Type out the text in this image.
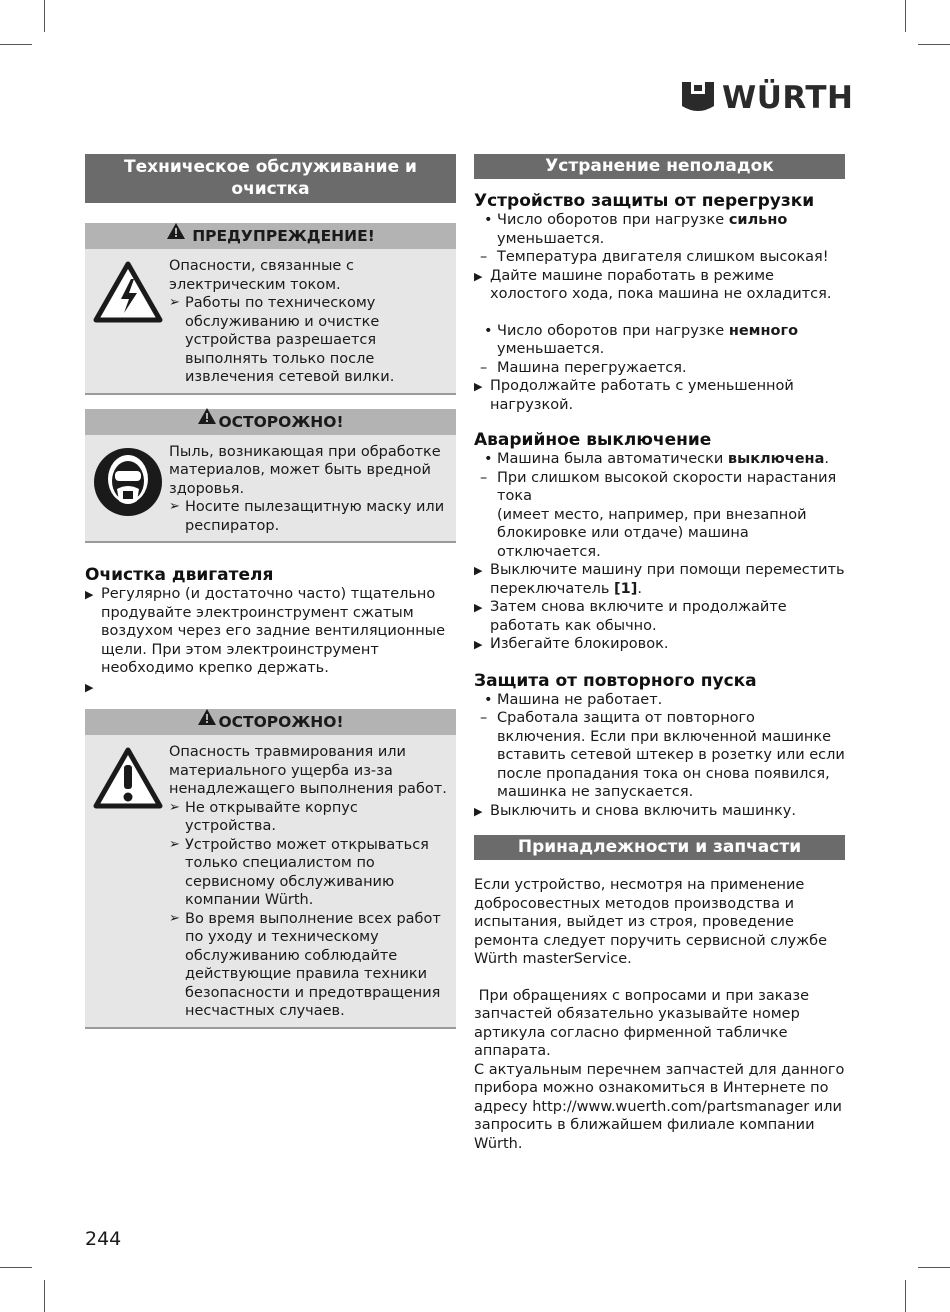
WÜRTH
Техническое обслуживание и очистка
ПРЕДУПРЕЖДЕНИЕ!
Опасности, связанные с электрическим током.
➢ Работы по техническому обслуживанию и очистке устройства разрешается выполнять только после извлечения сетевой вилки.
ОСТОРОЖНО!
Пыль, возникающая при обработке материалов, может быть вредной здоровья.
➢ Носите пылезащитную маску или респиратор.
Очистка двигателя
▶ Регулярно (и достаточно часто) тщательно продувайте электроинструмент сжатым воздухом через его задние вентиляционные щели. При этом электроинструмент необходимо крепко держать.
▶
ОСТОРОЖНО!
Опасность травмирования или материального ущерба из-за ненадлежащего выполнения работ.
➢ Не открывайте корпус устройства.
➢ Устройство может открываться только специалистом по сервисному обслуживанию компании Würth.
➢ Во время выполнение всех работ по уходу и техническому обслуживанию соблюдайте действующие правила техники безопасности и предотвращения несчастных случаев.
Устранение неполадок
Устройство защиты от перегрузки
• Число оборотов при нагрузке сильно уменьшается.
– Температура двигателя слишком высокая!
▶ Дайте машине поработать в режиме холостого хода, пока машина не охладится.
• Число оборотов при нагрузке немного уменьшается.
– Машина перегружается.
▶ Продолжайте работать с уменьшенной нагрузкой.
Аварийное выключение
• Машина была автоматически выключена.
– При слишком высокой скорости нарастания тока
(имеет место, например, при внезапной блокировке или отдаче) машина отключается.
▶ Выключите машину при помощи переместить переключатель [1].
▶ Затем снова включите и продолжайте работать как обычно.
▶ Избегайте блокировок.
Защита от повторного пуска
• Машина не работает.
– Сработала защита от повторного включения. Если при включенной машинке вставить сетевой штекер в розетку или если после пропадания тока он снова появился, машинка не запускается.
▶ Выключить и снова включить машинку.
Принадлежности и запчасти
Если устройство, несмотря на применение добросовестных методов производства и испытания, выйдет из строя, проведение ремонта следует поручить сервисной службе Würth masterService.
При обращениях с вопросами и при заказе запчастей обязательно указывайте номер артикула согласно фирменной табличке аппарата.
С актуальным перечнем запчастей для данного прибора можно ознакомиться в Интернете по адресу http://www.wuerth.com/partsmanager или запросить в ближайшем филиале компании Würth.
244
